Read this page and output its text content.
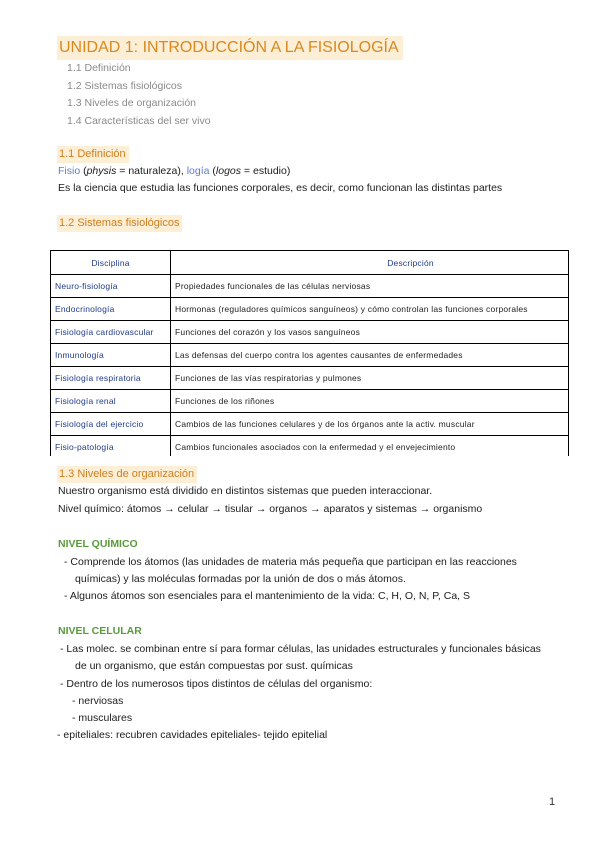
UNIDAD 1: INTRODUCCIÓN A LA FISIOLOGÍA
1.1 Definición
1.2 Sistemas fisiológicos
1.3 Niveles de organización
1.4 Características del ser vivo
1.1 Definición
Fisio (physis = naturaleza), logía (logos = estudio)
Es la ciencia que estudia las funciones corporales, es decir, como funcionan las distintas partes
1.2 Sistemas fisiológicos
Disciplina	Descripción
Neuro-fisiología	Propiedades funcionales de las células nerviosas
Endocrinología	Hormonas (reguladores químicos sanguíneos) y cómo controlan las funciones corporales
Fisiología cardiovascular	Funciones del corazón y los vasos sanguíneos
Inmunología	Las defensas del cuerpo contra los agentes causantes de enfermedades
Fisiología respiratoria	Funciones de las vías respiratorias y pulmones
Fisiología renal	Funciones de los riñones
Fisiología del ejercicio	Cambios de las funciones celulares y de los órganos ante la activ. muscular
Fisio-patología	Cambios funcionales asociados con la enfermedad y el envejecimiento
1.3 Niveles de organización
Nuestro organismo está dividido en distintos sistemas que pueden interaccionar.
Nivel químico: átomos → celular → tisular → organos → aparatos y sistemas → organismo
NIVEL QUÍMICO
- Comprende los átomos (las unidades de materia más pequeña que participan en las reacciones
químicas) y las moléculas formadas por la unión de dos o más átomos.
- Algunos átomos son esenciales para el mantenimiento de la vida: C, H, O, N, P, Ca, S
NIVEL CELULAR
- Las molec. se combinan entre sí para formar células, las unidades estructurales y funcionales básicas
de un organismo, que están compuestas por sust. químicas
- Dentro de los numerosos tipos distintos de células del organismo:
- nerviosas
- musculares
- epiteliales: recubren cavidades epiteliales- tejido epitelial
1
